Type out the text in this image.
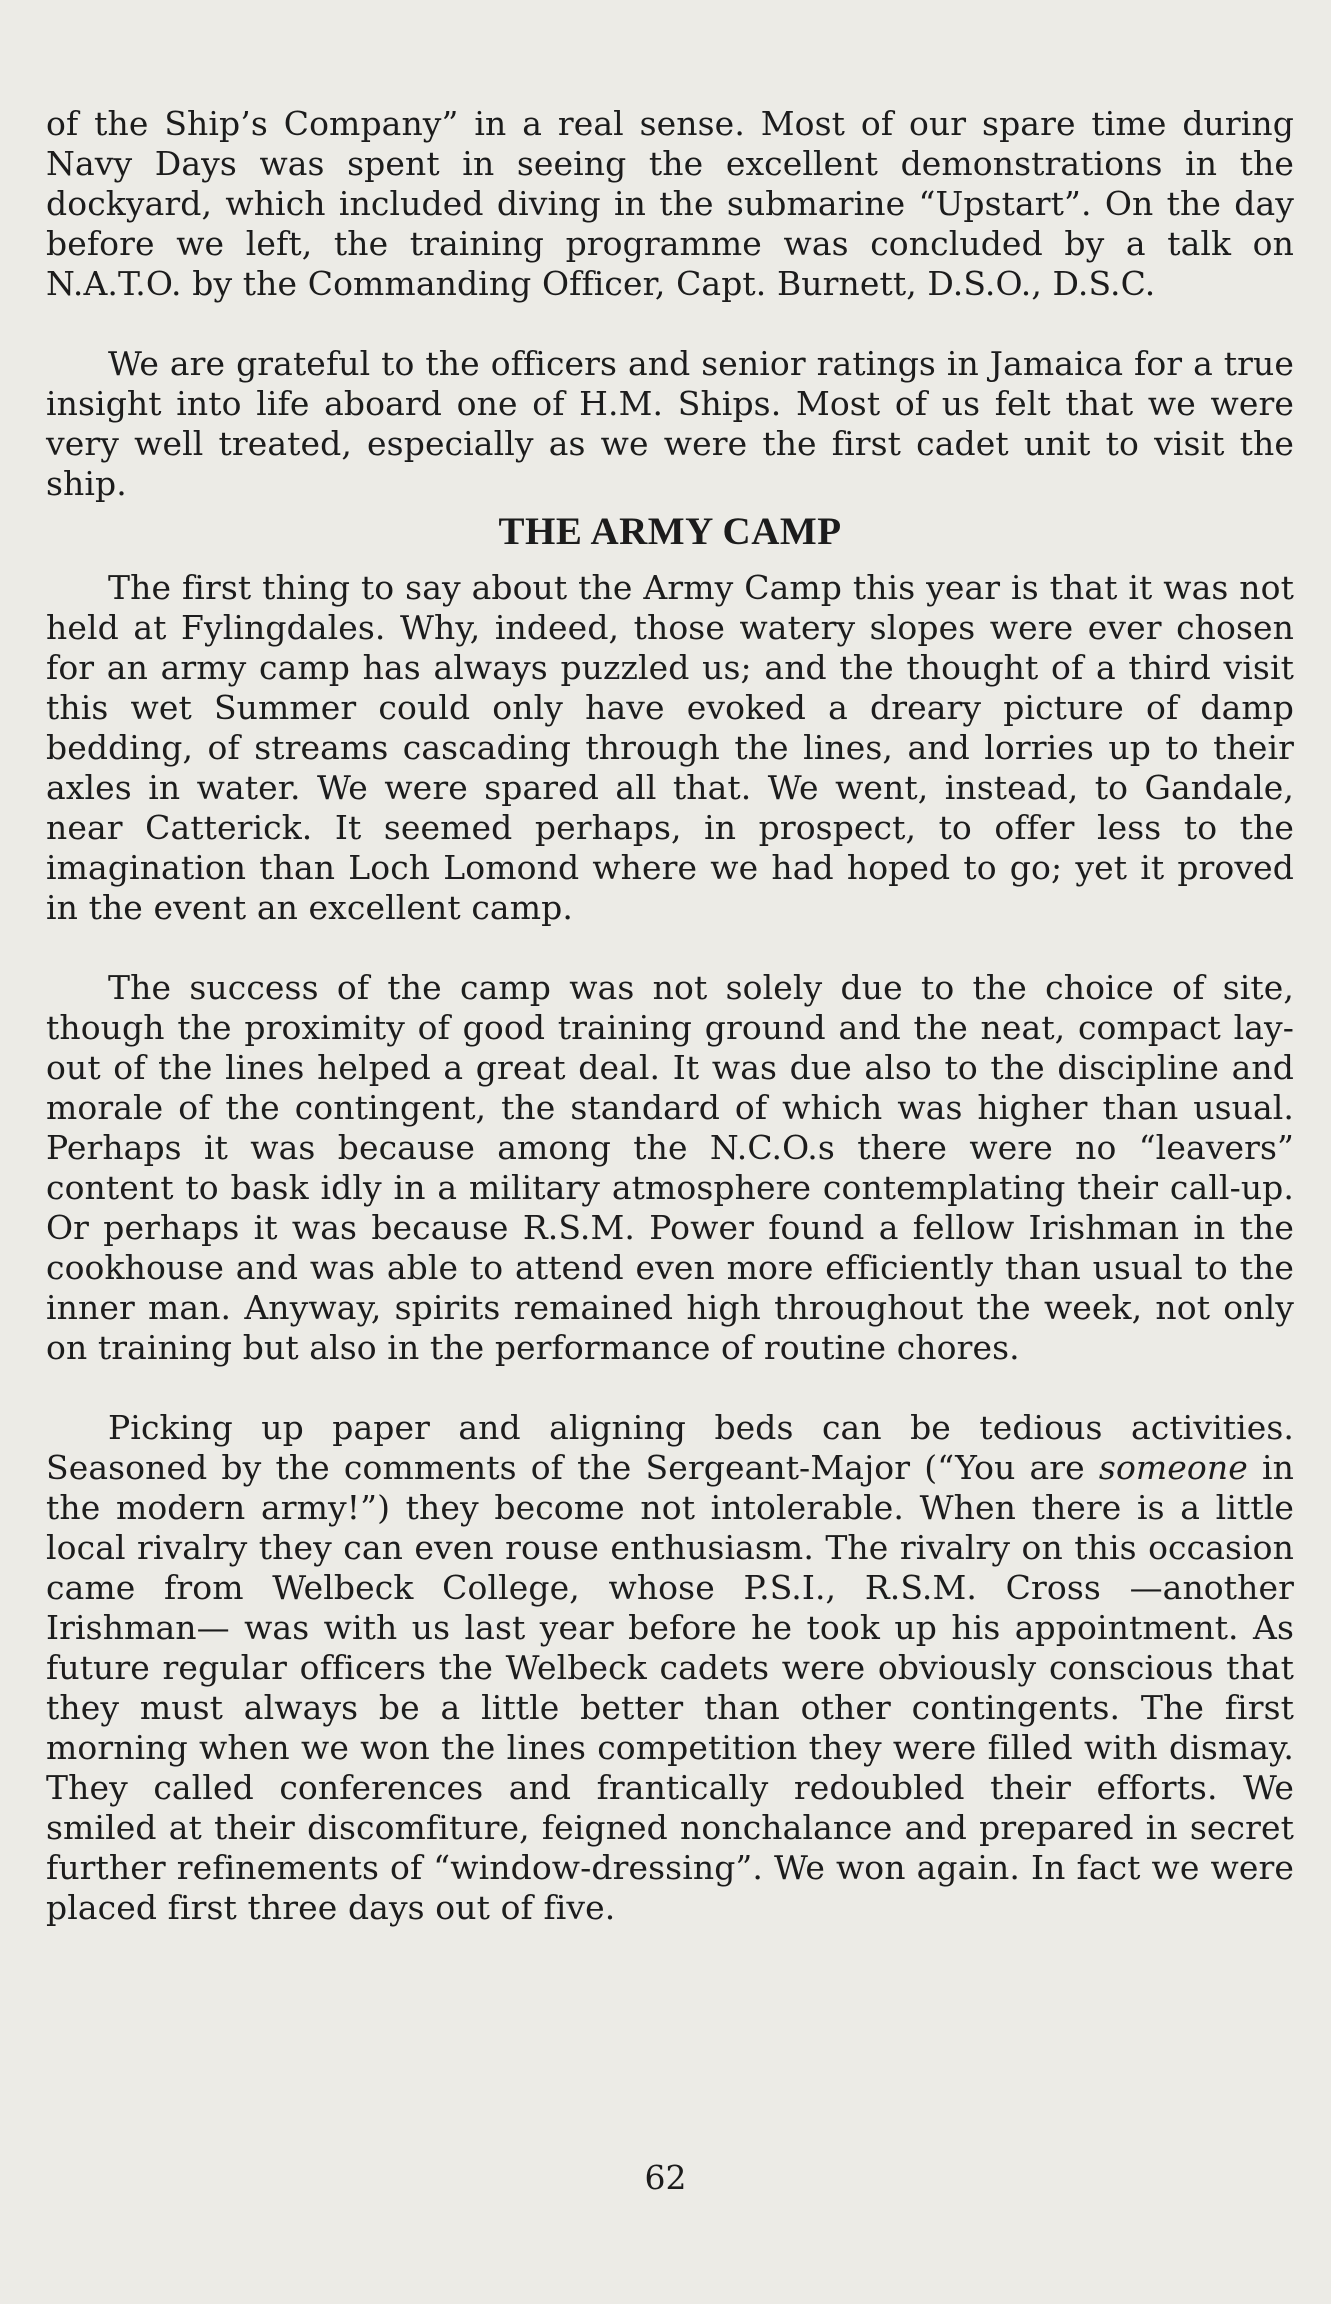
of the Ship’s Company” in a real sense. Most of our spare time during Navy Days was spent in seeing the excellent demonstrations in the dockyard, which included diving in the submarine “Upstart”. On the day before we left, the training programme was concluded by a talk on N.A.T.O. by the Commanding Officer, Capt. Burnett, D.S.O., D.S.C.

We are grateful to the officers and senior ratings in Jamaica for a true insight into life aboard one of H.M. Ships. Most of us felt that we were very well treated, especially as we were the first cadet unit to visit the ship.

THE ARMY CAMP

The first thing to say about the Army Camp this year is that it was not held at Fylingdales. Why, indeed, those watery slopes were ever chosen for an army camp has always puzzled us; and the thought of a third visit this wet Summer could only have evoked a dreary picture of damp bedding, of streams cascading through the lines, and lorries up to their axles in water. We were spared all that. We went, instead, to Gandale, near Catterick. It seemed perhaps, in prospect, to offer less to the imagination than Loch Lomond where we had hoped to go; yet it proved in the event an excellent camp.

The success of the camp was not solely due to the choice of site, though the proximity of good training ground and the neat, compact lay-out of the lines helped a great deal. It was due also to the discipline and morale of the contingent, the standard of which was higher than usual. Perhaps it was because among the N.C.O.s there were no “leavers” content to bask idly in a military atmosphere contemplating their call-up. Or perhaps it was because R.S.M. Power found a fellow Irishman in the cookhouse and was able to attend even more efficiently than usual to the inner man. Anyway, spirits remained high throughout the week, not only on training but also in the performance of routine chores.

Picking up paper and aligning beds can be tedious activities. Seasoned by the comments of the Sergeant-Major (“You are someone in the modern army!”) they become not intolerable. When there is a little local rivalry they can even rouse enthusiasm. The rivalry on this occasion came from Welbeck College, whose P.S.I., R.S.M. Cross —another Irishman— was with us last year before he took up his appointment. As future regular officers the Welbeck cadets were obviously conscious that they must always be a little better than other contingents. The first morning when we won the lines competition they were filled with dismay. They called conferences and frantically redoubled their efforts. We smiled at their discomfiture, feigned nonchalance and prepared in secret further refinements of “window-dressing”. We won again. In fact we were placed first three days out of five.

62
